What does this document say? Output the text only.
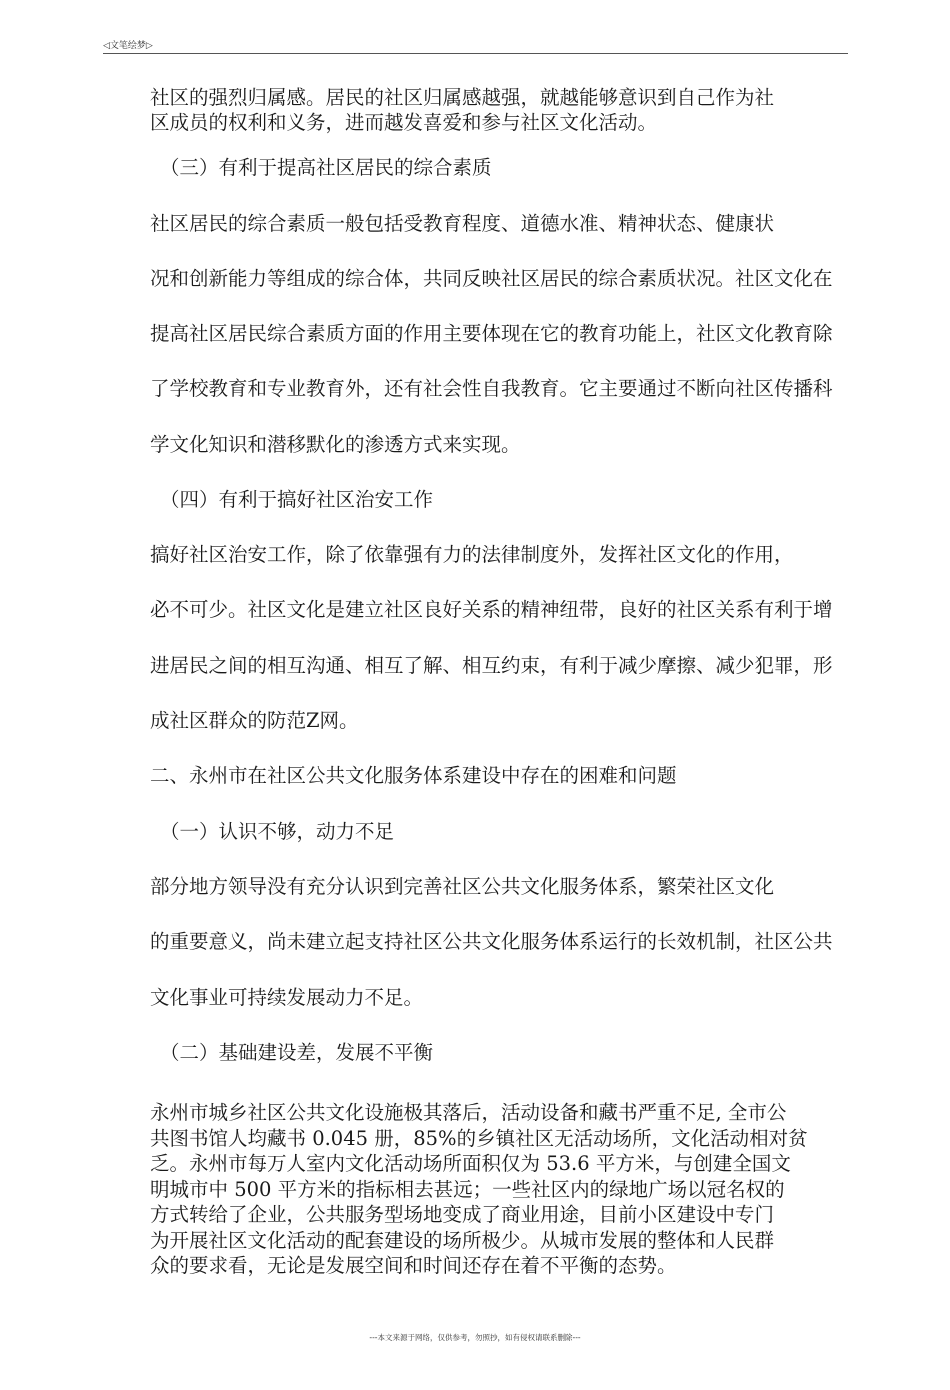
◁文笔绘梦▷
社区的强烈归属感。居民的社区归属感越强，就越能够意识到自己作为社
区成员的权利和义务，进而越发喜爱和参与社区文化活动。
（三）有利于提高社区居民的综合素质
社区居民的综合素质一般包括受教育程度、道德水准、精神状态、健康状
况和创新能力等组成的综合体，共同反映社区居民的综合素质状况。社区文化在
提高社区居民综合素质方面的作用主要体现在它的教育功能上，社区文化教育除
了学校教育和专业教育外，还有社会性自我教育。它主要通过不断向社区传播科
学文化知识和潜移默化的渗透方式来实现。
（四）有利于搞好社区治安工作
搞好社区治安工作，除了依靠强有力的法律制度外，发挥社区文化的作用，
必不可少。社区文化是建立社区良好关系的精神纽带，良好的社区关系有利于增
进居民之间的相互沟通、相互了解、相互约束，有利于减少摩擦、减少犯罪，形
成社区群众的防范Z网。
二、永州市在社区公共文化服务体系建设中存在的困难和问题
（一）认识不够，动力不足
部分地方领导没有充分认识到完善社区公共文化服务体系，繁荣社区文化
的重要意义，尚未建立起支持社区公共文化服务体系运行的长效机制，社区公共
文化事业可持续发展动力不足。
（二）基础建设差，发展不平衡
永州市城乡社区公共文化设施极其落后，活动设备和藏书严重不足, 全市公
共图书馆人均藏书 0.045 册，85%的乡镇社区无活动场所，文化活动相对贫
乏。永州市每万人室内文化活动场所面积仅为 53.6 平方米，与创建全国文
明城市中 500 平方米的指标相去甚远；一些社区内的绿地广场以冠名权的
方式转给了企业，公共服务型场地变成了商业用途，目前小区建设中专门
为开展社区文化活动的配套建设的场所极少。从城市发展的整体和人民群
众的要求看，无论是发展空间和时间还存在着不平衡的态势。
---本文来源于网络，仅供参考，勿照抄，如有侵权请联系删除---
